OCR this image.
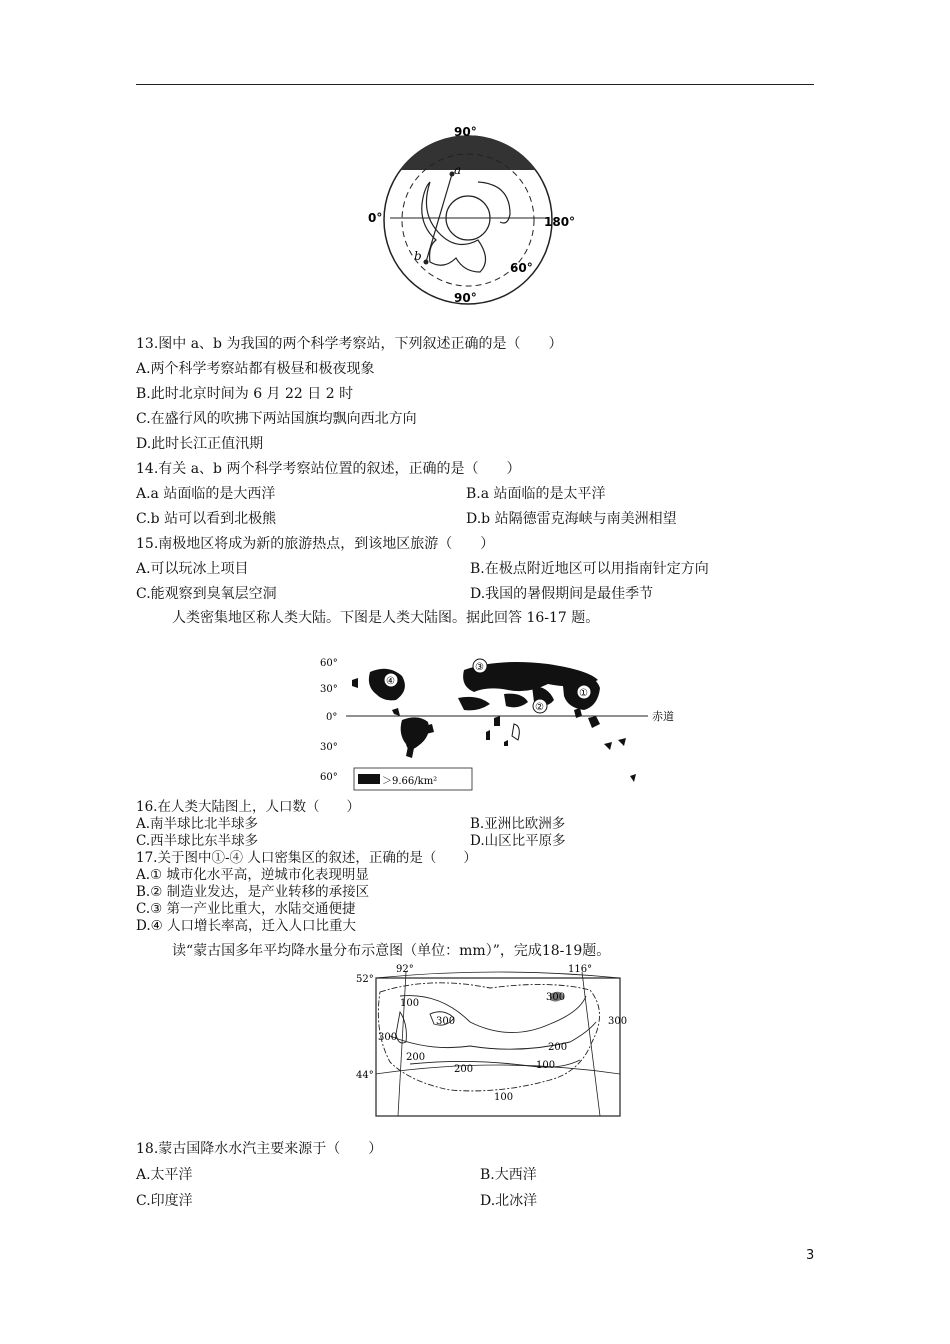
90°
0°	180°
90°
60°
a
b
13.图中 a、b 为我国的两个科学考察站，下列叙述正确的是（　　）
A.两个科学考察站都有极昼和极夜现象
B.此时北京时间为 6 月 22 日 2 时
C.在盛行风的吹拂下两站国旗均飘向西北方向
D.此时长江正值汛期
14.有关 a、b 两个科学考察站位置的叙述，正确的是（　　）
A.a 站面临的是大西洋	B.a 站面临的是太平洋
C.b 站可以看到北极熊	D.b 站隔德雷克海峡与南美洲相望
15.南极地区将成为新的旅游热点，到该地区旅游（　　）
A.可以玩冰上项目	B.在极点附近地区可以用指南针定方向
C.能观察到臭氧层空洞	D.我国的暑假期间是最佳季节
人类密集地区称人类大陆。下图是人类大陆图。据此回答 16-17 题。
60°
30°
0°
30°
60°
赤道
④
③
②
①
＞9.66/km²
16.在人类大陆图上，人口数（　　）
A.南半球比北半球多	B.亚洲比欧洲多
C.西半球比东半球多	D.山区比平原多
17.关于图中①-④ 人口密集区的叙述，正确的是（　　）
A.① 城市化水平高，逆城市化表现明显
B.② 制造业发达，是产业转移的承接区
C.③ 第一产业比重大，水陆交通便捷
D.④ 人口增长率高，迁入人口比重大
读“蒙古国多年平均降水量分布示意图（单位：mm）”，完成18-19题。
52°
44°
92°	116°
100
300
300
300
300
200
200
200
100
100
18.蒙古国降水水汽主要来源于（　　）
A.太平洋	B.大西洋
C.印度洋	D.北冰洋
3
